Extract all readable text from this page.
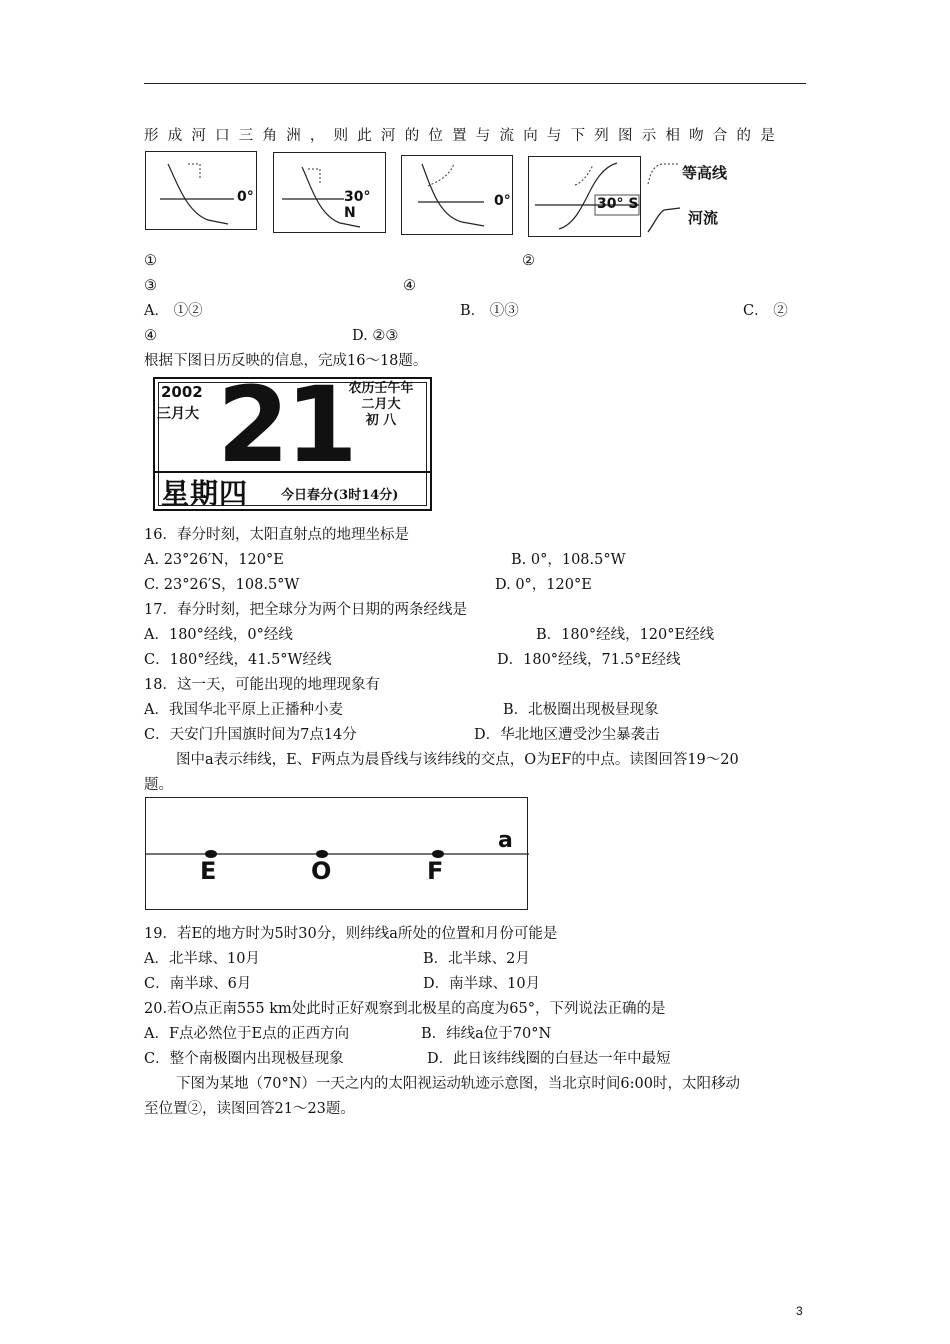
形成河口三角洲，则此河的位置与流向与下列图示相吻合的是
0°	30° N
0°	30° S
等高线
河流
①	②
③	④
A． ①②	B． ①③	C． ②
④	D. ②③
根据下图日历反映的信息，完成16～18题。
2002
三月大 21
农历壬午年
二月大
初 八
星期四	今日春分(3时14分)
16．春分时刻，太阳直射点的地理坐标是
A. 23°26′N，120°E	B. 0°，108.5°W
C. 23°26′S，108.5°W	D. 0°，120°E
17．春分时刻，把全球分为两个日期的两条经线是
A．180°经线，0°经线	B．180°经线，120°E经线
C．180°经线，41.5°W经线	D．180°经线，71.5°E经线
18．这一天，可能出现的地理现象有
A．我国华北平原上正播种小麦	B．北极圈出现极昼现象
C．天安门升国旗时间为7点14分	D．华北地区遭受沙尘暴袭击
图中a表示纬线，E、F两点为晨昏线与该纬线的交点，O为EF的中点。读图回答19～20
题。
a
E	O	F
19．若E的地方时为5时30分，则纬线a所处的位置和月份可能是
A．北半球、10月	B．北半球、2月
C．南半球、6月	D．南半球、10月
20.若O点正南555 km处此时正好观察到北极星的高度为65°，下列说法正确的是
A．F点必然位于E点的正西方向	B．纬线a位于70°N
C．整个南极圈内出现极昼现象	D．此日该纬线圈的白昼达一年中最短
下图为某地（70°N）一天之内的太阳视运动轨迹示意图，当北京时间6:00时，太阳移动
至位置②，读图回答21～23题。
3
